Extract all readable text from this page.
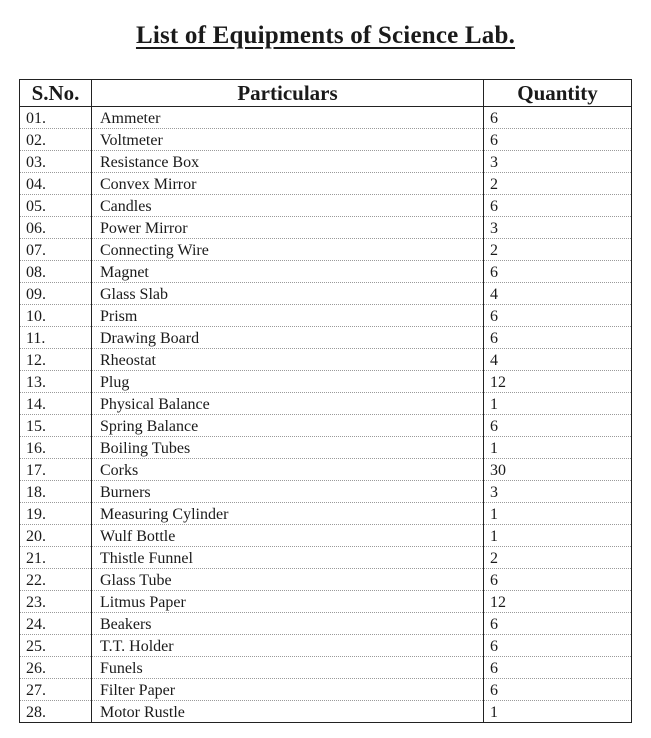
List of Equipments of Science Lab.
S.No.	Particulars	Quantity
01.	Ammeter	6
02.	Voltmeter	6
03.	Resistance Box	3
04.	Convex Mirror	2
05.	Candles	6
06.	Power Mirror	3
07.	Connecting Wire	2
08.	Magnet	6
09.	Glass Slab	4
10.	Prism	6
11.	Drawing Board	6
12.	Rheostat	4
13.	Plug	12
14.	Physical Balance	1
15.	Spring Balance	6
16.	Boiling Tubes	1
17.	Corks	30
18.	Burners	3
19.	Measuring Cylinder	1
20.	Wulf Bottle	1
21.	Thistle Funnel	2
22.	Glass Tube	6
23.	Litmus Paper	12
24.	Beakers	6
25.	T.T. Holder	6
26.	Funels	6
27.	Filter Paper	6
28.	Motor Rustle	1
